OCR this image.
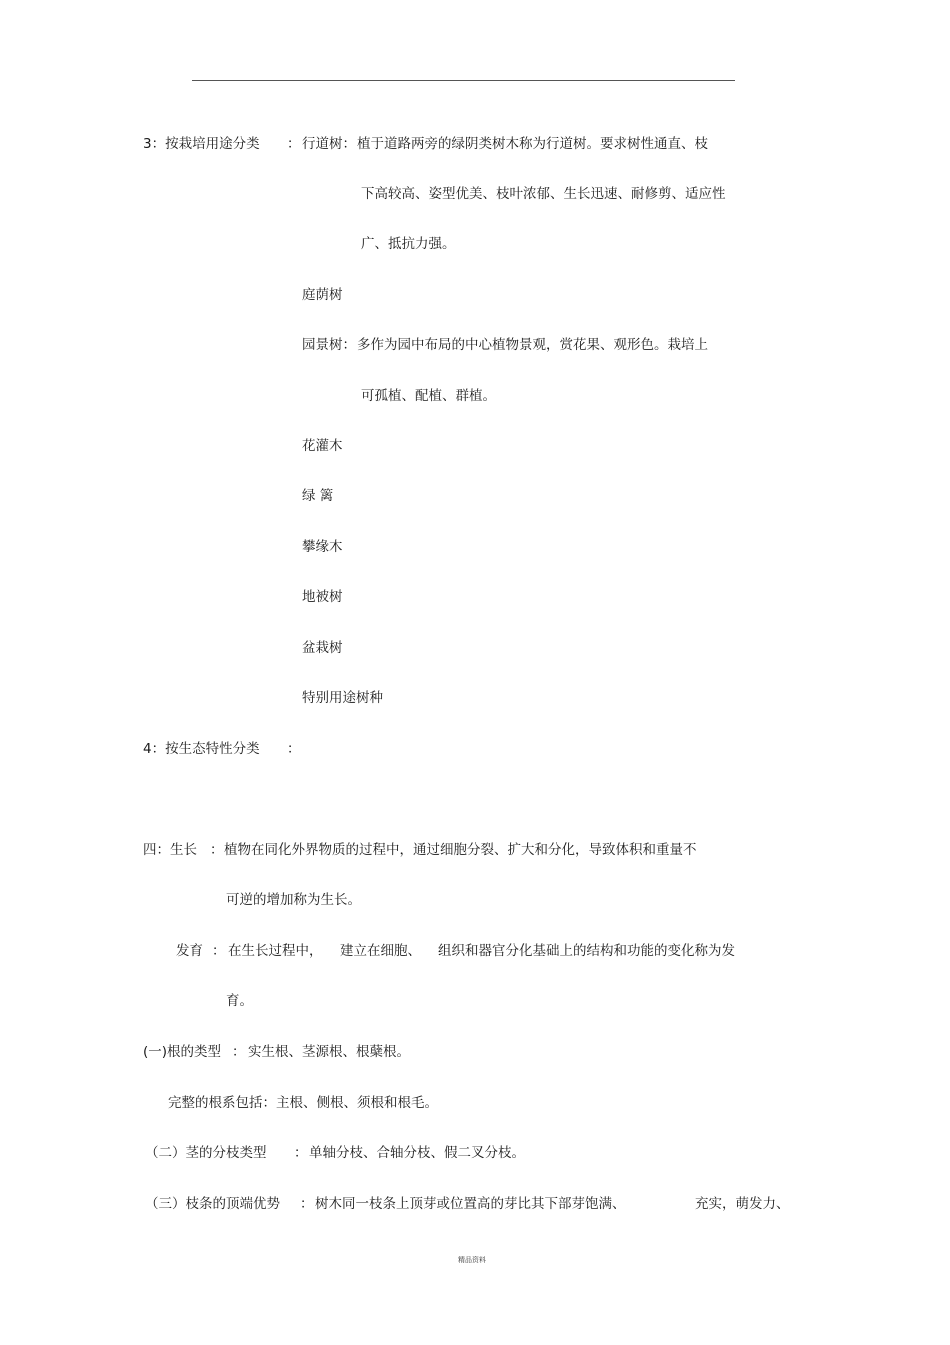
3：按栽培用途分类 ： 行道树： 植于道路两旁的绿阴类树木称为行道树。要求树性通直、枝
下高较高、姿型优美、枝叶浓郁、生长迅速、耐修剪、适应性
广、抵抗力强。
庭荫树
园景树： 多作为园中布局的中心植物景观，赏花果、观形色。栽培上
可孤植、配植、群植。
花灌木
绿 篱
攀缘木
地被树
盆栽树
特别用途树种
4：按生态特性分类 ：
四：生长 ： 植物在同化外界物质的过程中，通过细胞分裂、扩大和分化，导致体积和重量不
可逆的增加称为生长。
发育 ： 在生长过程中， 建立在细胞、 组织和器官分化基础上的结构和功能的变化称为发
育。
(一)根的类型 ： 实生根、茎源根、根蘖根。
完整的根系包括：主根、侧根、须根和根毛。
（二）茎的分枝类型 ： 单轴分枝、合轴分枝、假二叉分枝。
（三）枝条的顶端优势 ： 树木同一枝条上顶芽或位置高的芽比其下部芽饱满、	充实，萌发力、
精品资料
